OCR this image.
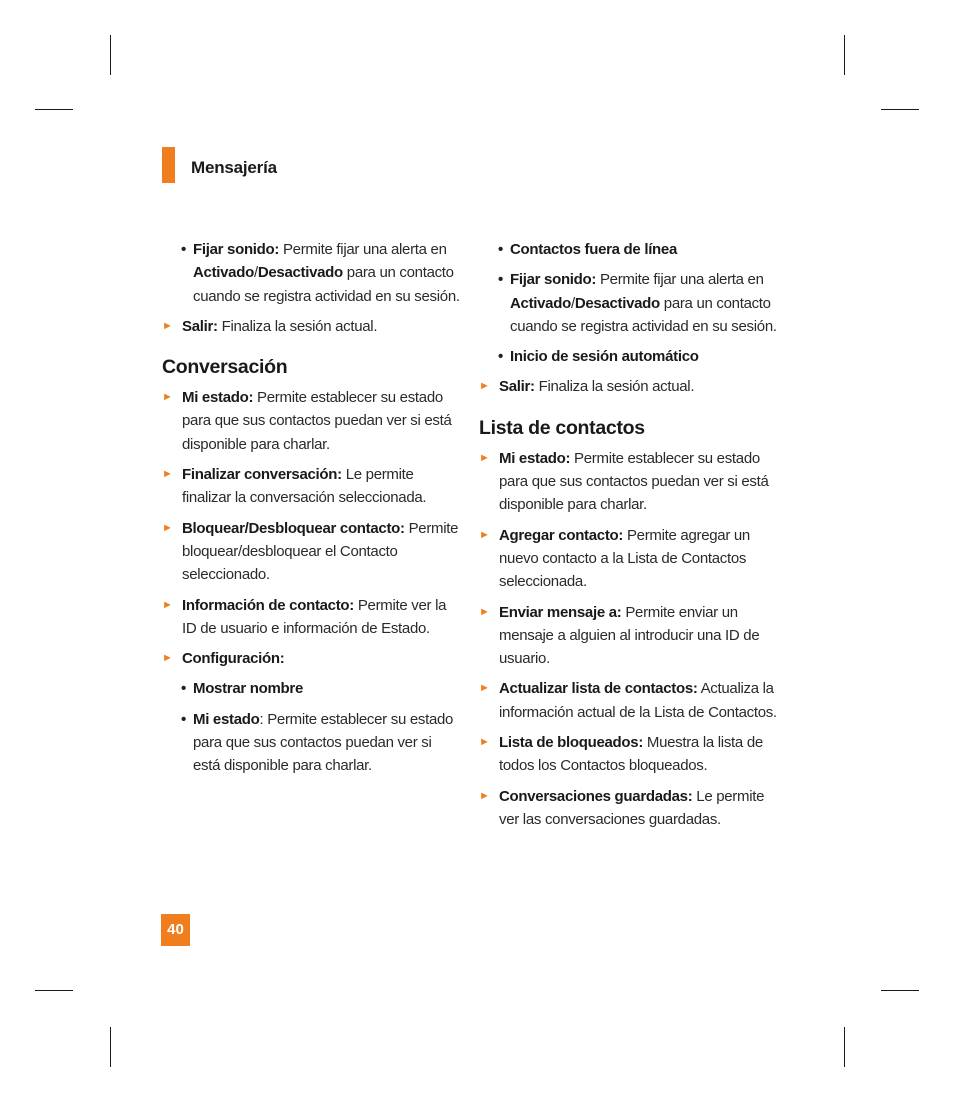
Mensajería
• Fijar sonido: Permite fijar una alerta en Activado/Desactivado para un contacto cuando se registra actividad en su sesión.
► Salir: Finaliza la sesión actual.
Conversación
► Mi estado: Permite establecer su estado para que sus contactos puedan ver si está disponible para charlar.
► Finalizar conversación: Le permite finalizar la conversación seleccionada.
► Bloquear/Desbloquear contacto: Permite bloquear/desbloquear el Contacto seleccionado.
► Información de contacto: Permite ver la ID de usuario e información de Estado.
► Configuración:
• Mostrar nombre
• Mi estado: Permite establecer su estado para que sus contactos puedan ver si está disponible para charlar.
• Contactos fuera de línea
• Fijar sonido: Permite fijar una alerta en Activado/Desactivado para un contacto cuando se registra actividad en su sesión.
• Inicio de sesión automático
► Salir: Finaliza la sesión actual.
Lista de contactos
► Mi estado: Permite establecer su estado para que sus contactos puedan ver si está disponible para charlar.
► Agregar contacto: Permite agregar un nuevo contacto a la Lista de Contactos seleccionada.
► Enviar mensaje a: Permite enviar un mensaje a alguien al introducir una ID de usuario.
► Actualizar lista de contactos: Actualiza la información actual de la Lista de Contactos.
► Lista de bloqueados: Muestra la lista de todos los Contactos bloqueados.
► Conversaciones guardadas: Le permite ver las conversaciones guardadas.
40
